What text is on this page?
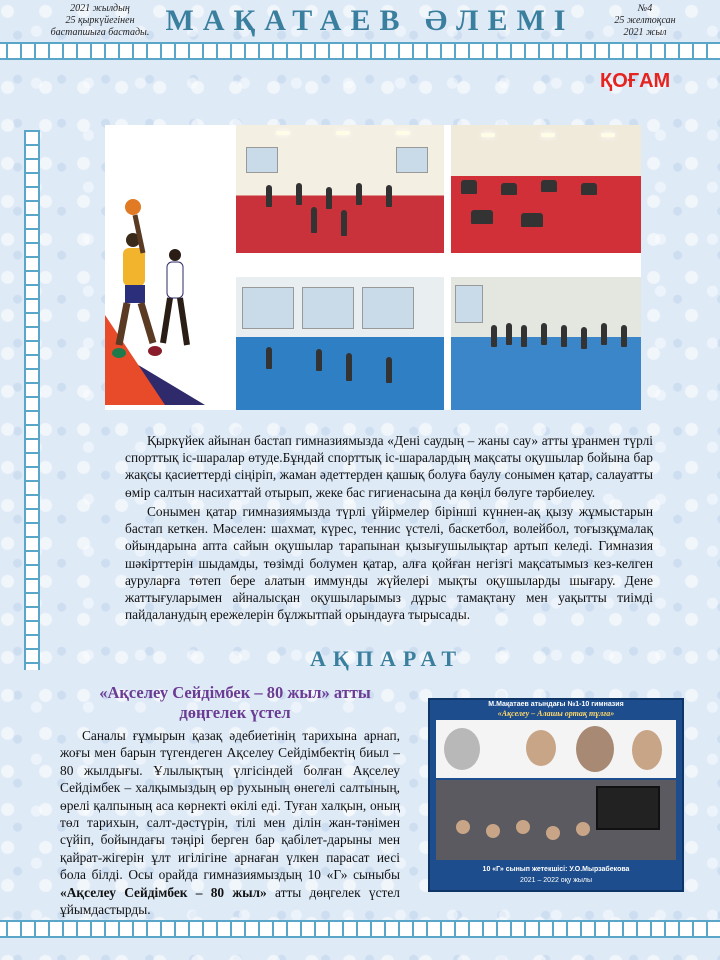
2021 жылдың
25 қыркүйегінен
бастапшыға бастады. МАҚАТАЕВ ӘЛЕМІ	№4
25 желтоқсан
2021 жыл
ҚОҒАМ
Қыркүйек айынан бастап гимназиямызда «Дені саудың – жаны сау» атты ұранмен түрлі спорттық іс-шаралар өтуде.Бұндай спорттық іс-шаралардың мақсаты оқушылар бойына бар жақсы қасиеттерді сіңіріп, жаман әдеттерден қашық болуға баулу сонымен қатар, салауатты өмір салтын насихаттай отырып, жеке бас гигиенасына да көңіл бөлуге тәрбиелеу.
Сонымен қатар гимназиямызда түрлі үйірмелер бірінші күннен-ақ қызу жұмыстарын бастап кеткен. Мәселен: шахмат, күрес, теннис үстелі, баскетбол, волейбол, тоғызқұмалақ ойындарына апта сайын оқушылар тарапынан қызығушылықтар артып келеді. Гимназия шәкірттерін шыдамды, төзімді болумен қатар, алға қойған негізгі мақсатымыз кез-келген ауруларға төтеп бере алатын иммунды жүйелері мықты оқушыларды шығару. Дене жаттығуларымен айналысқан оқушыларымыз дұрыс тамақтану мен уақытты тиімді пайдаланудың ережелерін бұлжытпай орындауға тырысады.
АҚПАРАТ
«Ақселеу Сейдімбек – 80 жыл» атты
дөңгелек үстел
Саналы ғұмырын қазақ әдебиетінің тарихына арнап, жоғы мен барын түгендеген Ақселеу Сейдімбектің биыл – 80 жылдығы. Ұлылықтың үлгісіндей болған Ақселеу Сейдімбек – халқымыздың өр рухының өнегелі салтының, өрелі қалпының аса көрнекті өкілі еді. Туған халқын, оның төл тарихын, салт-дәстүрін, тілі мен ділін жан-тәнімен сүйіп, бойындағы тәңірі берген бар қабілет-дарыны мен қайрат-жігерін ұлт игілігіне арнаған үлкен парасат иесі бола білді. Осы орайда гимназиямыздың 10 «Г» сыныбы «Ақселеу Сейдімбек – 80 жыл» атты дөңгелек үстел ұйымдастырды.
М.Мақатаев атындағы №1-10 гимназия
«Ақселеу – Алашы ортақ тұлға»
10 «Г» сынып жетекшісі: У.О.Мырзабекова
2021 – 2022 оқу жылы
